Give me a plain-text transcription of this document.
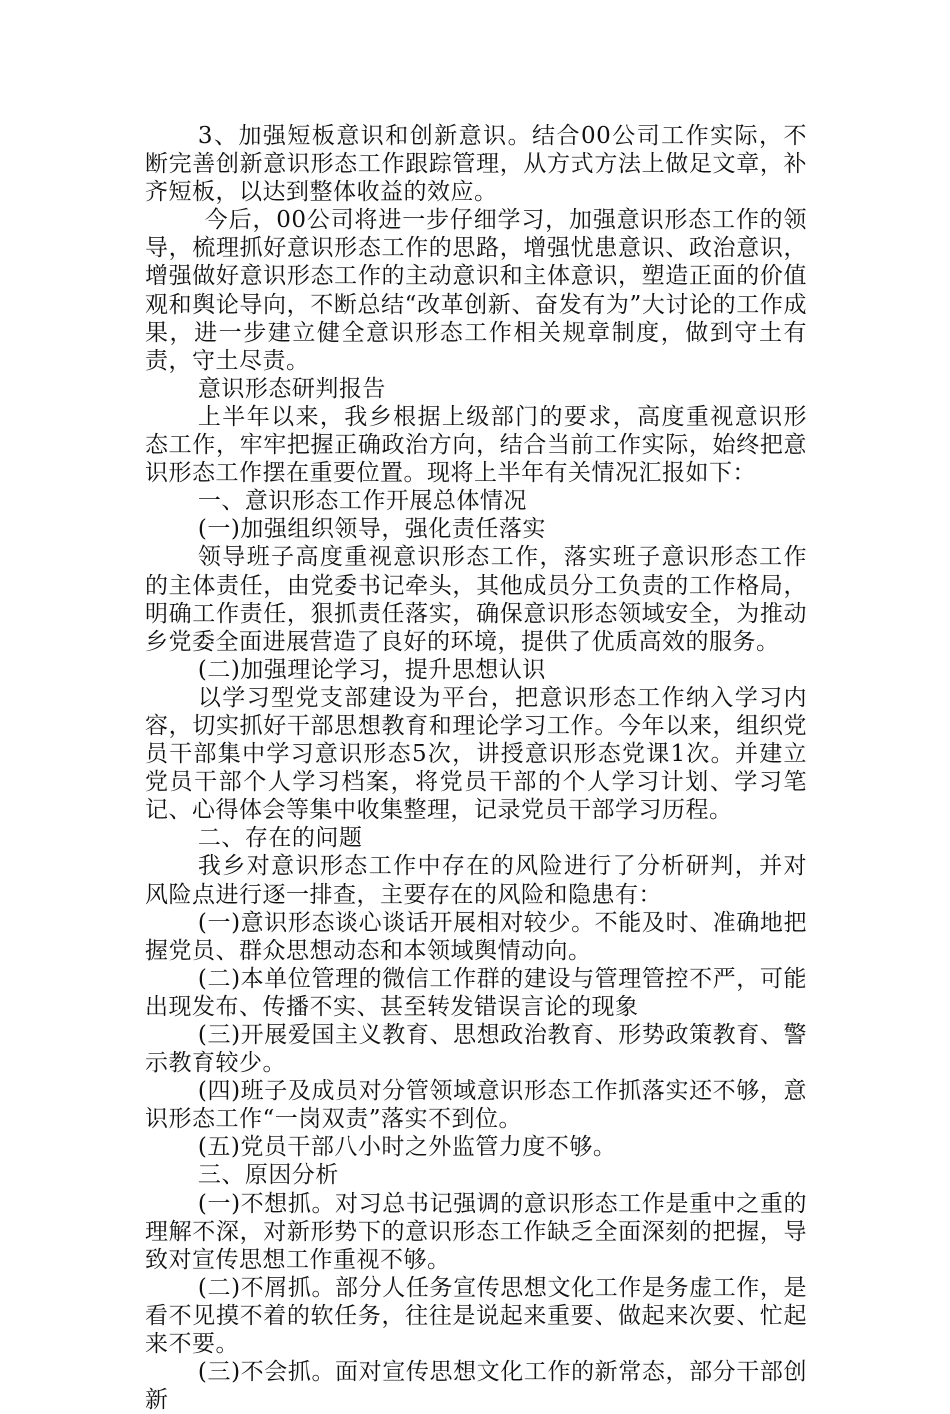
3、加强短板意识和创新意识。结合00公司工作实际，不断完善创新意识形态工作跟踪管理，从方式方法上做足文章，补齐短板，以达到整体收益的效应。

今后，00公司将进一步仔细学习，加强意识形态工作的领导，梳理抓好意识形态工作的思路，增强忧患意识、政治意识，增强做好意识形态工作的主动意识和主体意识，塑造正面的价值观和舆论导向，不断总结“改革创新、奋发有为”大讨论的工作成果，进一步建立健全意识形态工作相关规章制度，做到守土有责，守土尽责。

意识形态研判报告

上半年以来，我乡根据上级部门的要求，高度重视意识形态工作，牢牢把握正确政治方向，结合当前工作实际，始终把意识形态工作摆在重要位置。现将上半年有关情况汇报如下：

一、意识形态工作开展总体情况

(一)加强组织领导，强化责任落实

领导班子高度重视意识形态工作，落实班子意识形态工作的主体责任，由党委书记牵头，其他成员分工负责的工作格局，明确工作责任，狠抓责任落实，确保意识形态领域安全，为推动乡党委全面进展营造了良好的环境，提供了优质高效的服务。

(二)加强理论学习，提升思想认识

以学习型党支部建设为平台，把意识形态工作纳入学习内容，切实抓好干部思想教育和理论学习工作。今年以来，组织党员干部集中学习意识形态5次，讲授意识形态党课1次。并建立党员干部个人学习档案，将党员干部的个人学习计划、学习笔记、心得体会等集中收集整理，记录党员干部学习历程。

二、存在的问题

我乡对意识形态工作中存在的风险进行了分析研判，并对风险点进行逐一排查，主要存在的风险和隐患有：

(一)意识形态谈心谈话开展相对较少。不能及时、准确地把握党员、群众思想动态和本领域舆情动向。

(二)本单位管理的微信工作群的建设与管理管控不严，可能出现发布、传播不实、甚至转发错误言论的现象

(三)开展爱国主义教育、思想政治教育、形势政策教育、警示教育较少。

(四)班子及成员对分管领域意识形态工作抓落实还不够，意识形态工作“一岗双责”落实不到位。

(五)党员干部八小时之外监管力度不够。

三、原因分析

(一)不想抓。对习总书记强调的意识形态工作是重中之重的理解不深，对新形势下的意识形态工作缺乏全面深刻的把握，导致对宣传思想工作重视不够。

(二)不屑抓。部分人任务宣传思想文化工作是务虚工作，是看不见摸不着的软任务，往往是说起来重要、做起来次要、忙起来不要。

(三)不会抓。面对宣传思想文化工作的新常态，部分干部创新
